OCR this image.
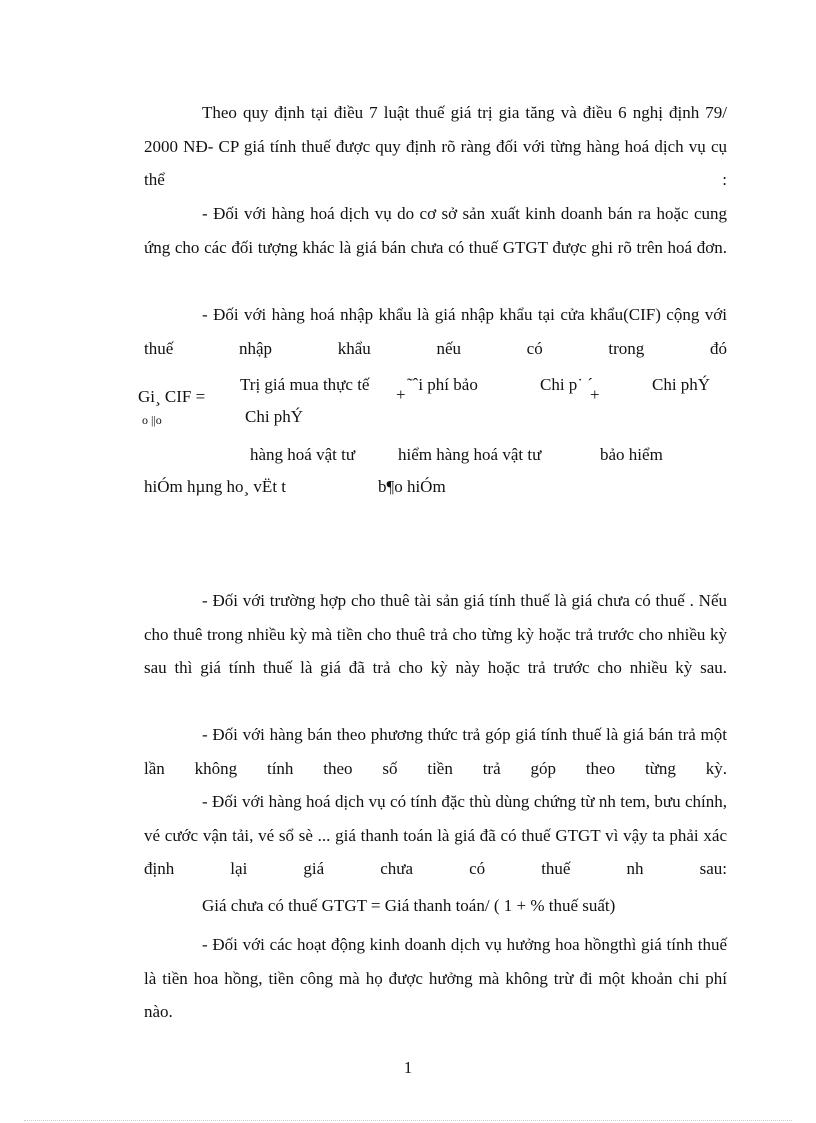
Theo quy định tại điều 7 luật thuế giá trị gia tăng và điều 6 nghị định 79/ 2000 NĐ- CP giá tính thuế được quy định rõ ràng đối với từng hàng hoá dịch vụ cụ thể :

- Đối với hàng hoá dịch vụ do cơ sở sản xuất kinh doanh bán ra hoặc cung ứng cho các đối tượng khác là giá bán chưa có thuế GTGT được ghi rõ trên hoá đơn.

- Đối với hàng hoá nhập khẩu là giá nhập khẩu tại cửa khẩu(CIF) cộng với thuế nhập khẩu nếu có trong đó

Gi¸ CIF =
ο ||ο
Trị giá mua thực tế
+
˜ˆi phí bảo	Chi p˙ ˊ
+
Chi phÝ
Chi phÝ
hàng hoá vật tư	hiểm hàng hoá vật tư	bảo hiểm
hiÓm hµng ho¸ vËt t	b¶o hiÓm

- Đối với trường hợp cho thuê tài sản giá tính thuế là giá chưa có thuế . Nếu cho thuê trong nhiều kỳ mà tiền cho thuê trả cho từng kỳ hoặc trả trước cho nhiều kỳ sau thì giá tính thuế là giá đã trả cho kỳ này hoặc trả trước cho nhiều kỳ sau.

- Đối với hàng bán theo phương thức trả góp giá tính thuế là giá bán trả một lần không tính theo số tiền trả góp theo từng kỳ.

- Đối với hàng hoá dịch vụ có tính đặc thù dùng chứng từ nh tem, bưu chính, vé cước vận tải, vé sổ sè ... giá thanh toán là giá đã có thuế GTGT vì vậy ta phải xác định lại giá chưa có thuế nh sau:

Giá chưa có thuế GTGT = Giá thanh toán/ ( 1 + % thuế suất)

- Đối với các hoạt động kinh doanh dịch vụ hưởng hoa hồngthì giá tính thuế là tiền hoa hồng, tiền công mà họ được hưởng mà không trừ đi một khoản chi phí nào.

1
